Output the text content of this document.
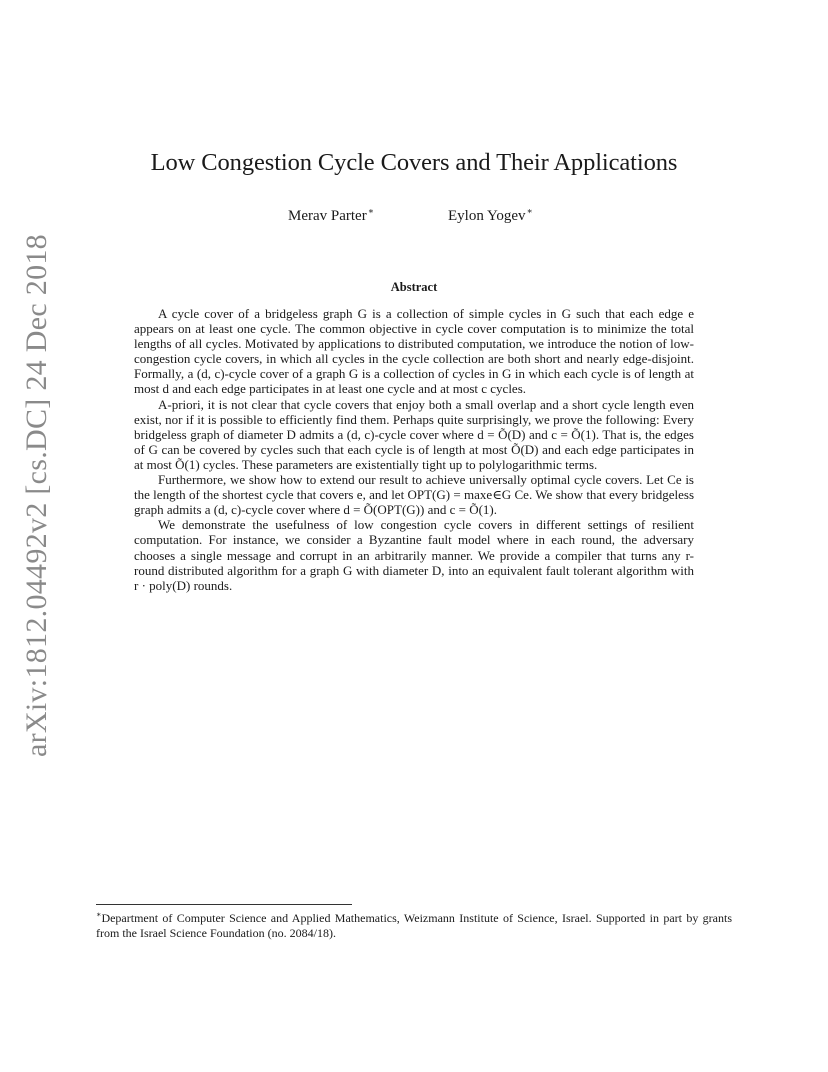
arXiv:1812.04492v2 [cs.DC] 24 Dec 2018
Low Congestion Cycle Covers and Their Applications
Merav Parter∗	Eylon Yogev∗
Abstract

A cycle cover of a bridgeless graph G is a collection of simple cycles in G such that each edge e appears on at least one cycle. The common objective in cycle cover computation is to minimize the total lengths of all cycles. Motivated by applications to distributed computation, we introduce the notion of low-congestion cycle covers, in which all cycles in the cycle collection are both short and nearly edge-disjoint. Formally, a (d, c)-cycle cover of a graph G is a collection of cycles in G in which each cycle is of length at most d and each edge participates in at least one cycle and at most c cycles.

A-priori, it is not clear that cycle covers that enjoy both a small overlap and a short cycle length even exist, nor if it is possible to efficiently find them. Perhaps quite surprisingly, we prove the following: Every bridgeless graph of diameter D admits a (d, c)-cycle cover where d = Õ(D) and c = Õ(1). That is, the edges of G can be covered by cycles such that each cycle is of length at most Õ(D) and each edge participates in at most Õ(1) cycles. These parameters are existentially tight up to polylogarithmic terms.

Furthermore, we show how to extend our result to achieve universally optimal cycle covers. Let Ce is the length of the shortest cycle that covers e, and let OPT(G) = maxe∈G Ce. We show that every bridgeless graph admits a (d, c)-cycle cover where d = Õ(OPT(G)) and c = Õ(1).

We demonstrate the usefulness of low congestion cycle covers in different settings of resilient computation. For instance, we consider a Byzantine fault model where in each round, the adversary chooses a single message and corrupt in an arbitrarily manner. We provide a compiler that turns any r-round distributed algorithm for a graph G with diameter D, into an equivalent fault tolerant algorithm with r · poly(D) rounds.

∗Department of Computer Science and Applied Mathematics, Weizmann Institute of Science, Israel. Supported in part by grants from the Israel Science Foundation (no. 2084/18).
